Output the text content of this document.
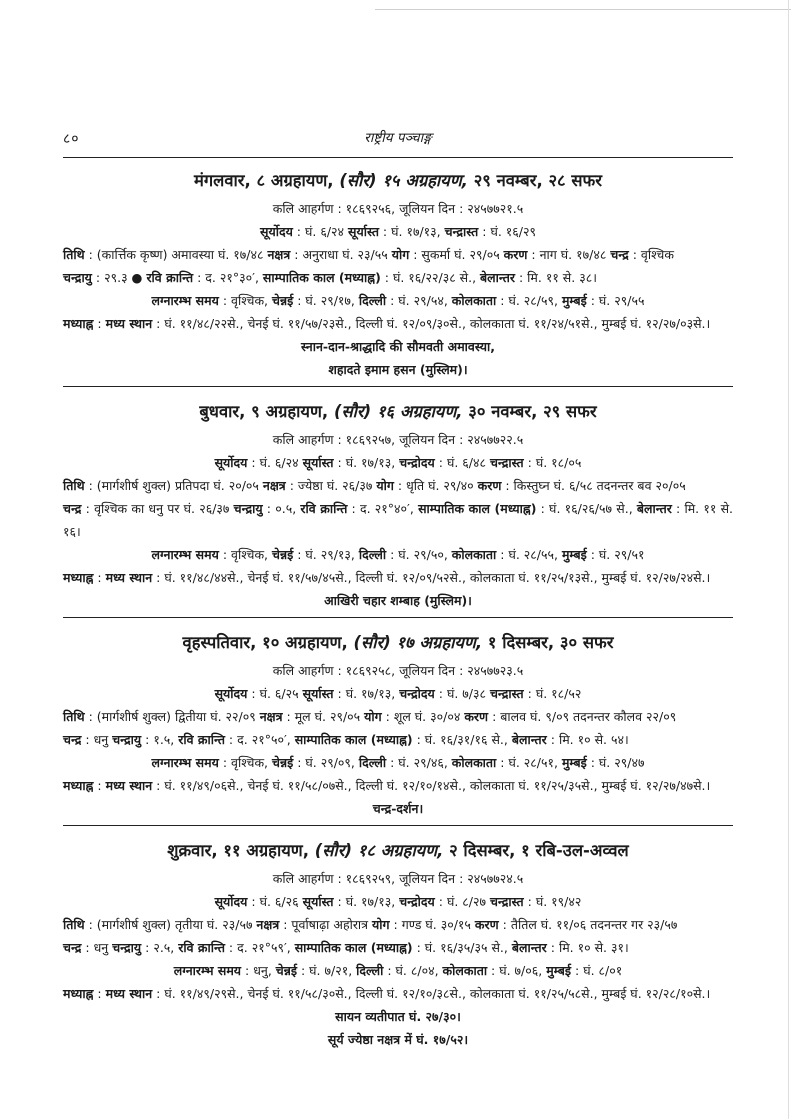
८०	राष्ट्रीय पञ्चाङ्ग
मंगलवार, ८ अग्रहायण, (सौर) १५ अग्रहायण, २९ नवम्बर, २८ सफर
कलि आहर्गण : १८६९२५६, जूलियन दिन : २४५७७२१.५
सूर्योदय : घं. ६/२४ सूर्यास्त : घं. १७/१३, चन्द्रास्त : घं. १६/२९
तिथि : (कार्त्तिक कृष्ण) अमावस्या घं. १७/४८ नक्षत्र : अनुराधा घं. २३/५५ योग : सुकर्मा घं. २९/०५ करण : नाग घं. १७/४८ चन्द्र : वृश्चिक
चन्द्रायु : २९.३ ● रवि क्रान्ति : द. २१°३०′, साम्पातिक काल (मध्याह्न) : घं. १६/२२/३८ से., बेलान्तर : मि. ११ से. ३८।
लग्नारम्भ समय : वृश्चिक, चेन्नई : घं. २९/१७, दिल्ली : घं. २९/५४, कोलकाता : घं. २८/५९, मुम्बई : घं. २९/५५
मध्याह्न : मध्य स्थान : घं. ११/४८/२२से., चेनई घं. ११/५७/२३से., दिल्ली घं. १२/०९/३०से., कोलकाता घं. ११/२४/५१से., मुम्बई घं. १२/२७/०३से.।
स्नान-दान-श्राद्धादि की सौमवती अमावस्या,
शहादते इमाम हसन (मुस्लिम)।
बुधवार, ९ अग्रहायण, (सौर) १६ अग्रहायण, ३० नवम्बर, २९ सफर
कलि आहर्गण : १८६९२५७, जूलियन दिन : २४५७७२२.५
सूर्योदय : घं. ६/२४ सूर्यास्त : घं. १७/१३, चन्द्रोदय : घं. ६/४८ चन्द्रास्त : घं. १८/०५
तिथि : (मार्गशीर्ष शुक्ल) प्रतिपदा घं. २०/०५ नक्षत्र : ज्येष्ठा घं. २६/३७ योग : धृति घं. २९/४० करण : किस्तुघ्न घं. ६/५८ तदनन्तर बव २०/०५
चन्द्र : वृश्चिक का धनु पर घं. २६/३७ चन्द्रायु : ०.५, रवि क्रान्ति : द. २१°४०′, साम्पातिक काल (मध्याह्न) : घं. १६/२६/५७ से., बेलान्तर : मि. ११ से. १६।
लग्नारम्भ समय : वृश्चिक, चेन्नई : घं. २९/१३, दिल्ली : घं. २९/५०, कोलकाता : घं. २८/५५, मुम्बई : घं. २९/५१
मध्याह्न : मध्य स्थान : घं. ११/४८/४४से., चेनई घं. ११/५७/४५से., दिल्ली घं. १२/०९/५२से., कोलकाता घं. ११/२५/१३से., मुम्बई घं. १२/२७/२४से.।
आखिरी चहार शम्बाह (मुस्लिम)।
वृहस्पतिवार, १० अग्रहायण, (सौर) १७ अग्रहायण, १ दिसम्बर, ३० सफर
कलि आहर्गण : १८६९२५८, जूलियन दिन : २४५७७२३.५
सूर्योदय : घं. ६/२५ सूर्यास्त : घं. १७/१३, चन्द्रोदय : घं. ७/३८ चन्द्रास्त : घं. १८/५२
तिथि : (मार्गशीर्ष शुक्ल) द्वितीया घं. २२/०९ नक्षत्र : मूल घं. २९/०५ योग : शूल घं. ३०/०४ करण : बालव घं. ९/०९ तदनन्तर कौलव २२/०९
चन्द्र : धनु चन्द्रायु : १.५, रवि क्रान्ति : द. २१°५०′, साम्पातिक काल (मध्याह्न) : घं. १६/३१/१६ से., बेलान्तर : मि. १० से. ५४।
लग्नारम्भ समय : वृश्चिक, चेन्नई : घं. २९/०९, दिल्ली : घं. २९/४६, कोलकाता : घं. २८/५१, मुम्बई : घं. २९/४७
मध्याह्न : मध्य स्थान : घं. ११/४९/०६से., चेनई घं. ११/५८/०७से., दिल्ली घं. १२/१०/१४से., कोलकाता घं. ११/२५/३५से., मुम्बई घं. १२/२७/४७से.।
चन्द्र-दर्शन।
शुक्रवार, ११ अग्रहायण, (सौर) १८ अग्रहायण, २ दिसम्बर, १ रबि-उल-अव्वल
कलि आहर्गण : १८६९२५९, जूलियन दिन : २४५७७२४.५
सूर्योदय : घं. ६/२६ सूर्यास्त : घं. १७/१३, चन्द्रोदय : घं. ८/२७ चन्द्रास्त : घं. १९/४२
तिथि : (मार्गशीर्ष शुक्ल) तृतीया घं. २३/५७ नक्षत्र : पूर्वाषाढ़ा अहोरात्र योग : गण्ड घं. ३०/१५ करण : तैतिल घं. ११/०६ तदनन्तर गर २३/५७
चन्द्र : धनु चन्द्रायु : २.५, रवि क्रान्ति : द. २१°५९′, साम्पातिक काल (मध्याह्न) : घं. १६/३५/३५ से., बेलान्तर : मि. १० से. ३१।
लग्नारम्भ समय : धनु, चेन्नई : घं. ७/२१, दिल्ली : घं. ८/०४, कोलकाता : घं. ७/०६, मुम्बई : घं. ८/०१
मध्याह्न : मध्य स्थान : घं. ११/४९/२९से., चेनई घं. ११/५८/३०से., दिल्ली घं. १२/१०/३८से., कोलकाता घं. ११/२५/५८से., मुम्बई घं. १२/२८/१०से.।
सायन व्यतीपात घं. २७/३०।
सूर्य ज्येष्ठा नक्षत्र में घं. १७/५२।
